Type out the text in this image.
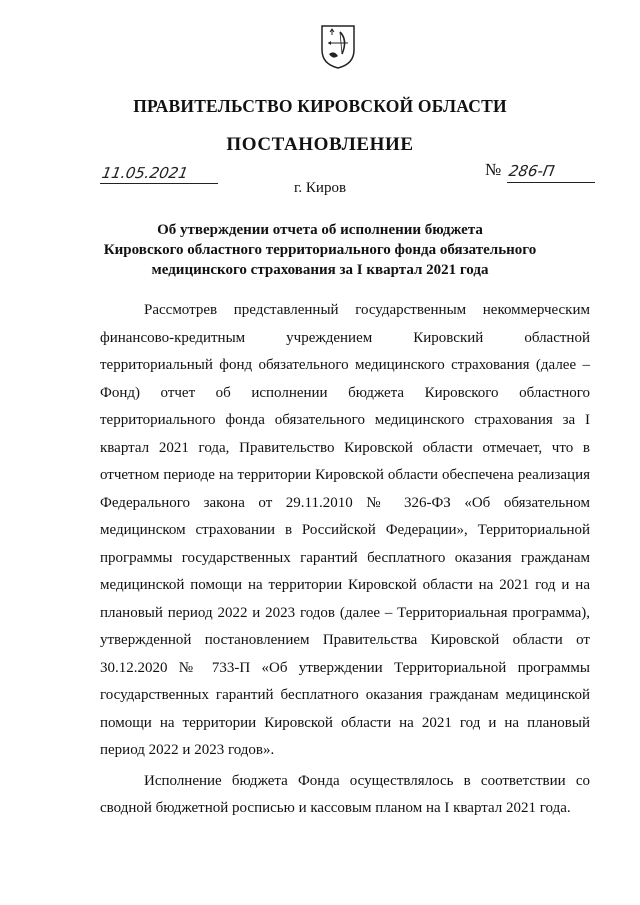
ПРАВИТЕЛЬСТВО КИРОВСКОЙ ОБЛАСТИ
ПОСТАНОВЛЕНИЕ
11.05.2021	№ 286-П
г. Киров
Об утверждении отчета об исполнении бюджета
Кировского областного территориального фонда обязательного
медицинского страхования за I квартал 2021 года

Рассмотрев представленный государственным некоммерческим финансово-кредитным учреждением Кировский областной территориальный фонд обязательного медицинского страхования (далее – Фонд) отчет об исполнении бюджета Кировского областного территориального фонда обязательного медицинского страхования за I квартал 2021 года, Правительство Кировской области отмечает, что в отчетном периоде на территории Кировской области обеспечена реализация Федерального закона от 29.11.2010 № 326-ФЗ «Об обязательном медицинском страховании в Российской Федерации», Территориальной программы государственных гарантий бесплатного оказания гражданам медицинской помощи на территории Кировской области на 2021 год и на плановый период 2022 и 2023 годов (далее – Территориальная программа), утвержденной постановлением Правительства Кировской области от 30.12.2020 № 733-П «Об утверждении Территориальной программы государственных гарантий бесплатного оказания гражданам медицинской помощи на территории Кировской области на 2021 год и на плановый период 2022 и 2023 годов».

Исполнение бюджета Фонда осуществлялось в соответствии со сводной бюджетной росписью и кассовым планом на I квартал 2021 года.
